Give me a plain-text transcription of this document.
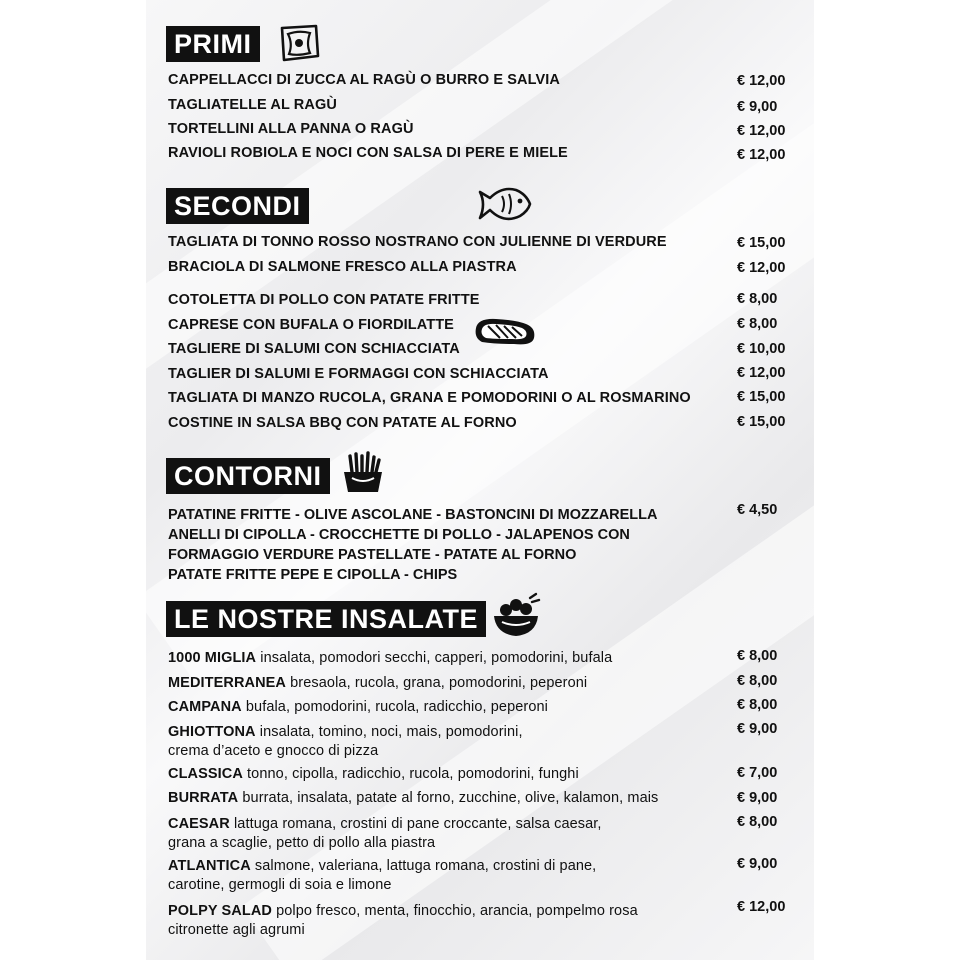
PRIMI
CAPPELLACCI DI ZUCCA AL RAGÙ O BURRO E SALVIA	€ 12,00
TAGLIATELLE AL RAGÙ	€ 9,00
TORTELLINI ALLA PANNA O RAGÙ	€ 12,00
RAVIOLI ROBIOLA E NOCI CON SALSA DI PERE E MIELE	€ 12,00
SECONDI
TAGLIATA DI TONNO ROSSO NOSTRANO CON JULIENNE DI VERDURE	€ 15,00
BRACIOLA DI SALMONE FRESCO ALLA PIASTRA	€ 12,00
COTOLETTA DI POLLO CON PATATE FRITTE	€ 8,00
CAPRESE CON BUFALA O FIORDILATTE	€ 8,00
TAGLIERE DI SALUMI CON SCHIACCIATA	€ 10,00
TAGLIER DI SALUMI E FORMAGGI CON SCHIACCIATA	€ 12,00
TAGLIATA DI MANZO RUCOLA, GRANA E POMODORINI O AL ROSMARINO	€ 15,00
COSTINE IN SALSA BBQ CON PATATE AL FORNO	€ 15,00
CONTORNI
PATATINE FRITTE - OLIVE ASCOLANE - BASTONCINI DI MOZZARELLA
ANELLI DI CIPOLLA - CROCCHETTE DI POLLO - JALAPENOS CON
FORMAGGIO VERDURE PASTELLATE - PATATE AL FORNO
PATATE FRITTE PEPE E CIPOLLA - CHIPS
€ 4,50
LE NOSTRE INSALATE
1000 MIGLIA insalata, pomodori secchi, capperi, pomodorini, bufala	€ 8,00
MEDITERRANEA bresaola, rucola, grana, pomodorini, peperoni	€ 8,00
CAMPANA bufala, pomodorini, rucola, radicchio, peperoni	€ 8,00
GHIOTTONA insalata, tomino, noci, mais, pomodorini,
crema d’aceto e gnocco di pizza
€ 9,00
CLASSICA tonno, cipolla, radicchio, rucola, pomodorini, funghi	€ 7,00
BURRATA burrata, insalata, patate al forno, zucchine, olive, kalamon, mais	€ 9,00
CAESAR lattuga romana, crostini di pane croccante, salsa caesar,
grana a scaglie, petto di pollo alla piastra
€ 8,00
ATLANTICA salmone, valeriana, lattuga romana, crostini di pane,
carotine, germogli di soia e limone
€ 9,00
POLPY SALAD polpo fresco, menta, finocchio, arancia, pompelmo rosa
citronette agli agrumi
€ 12,00
